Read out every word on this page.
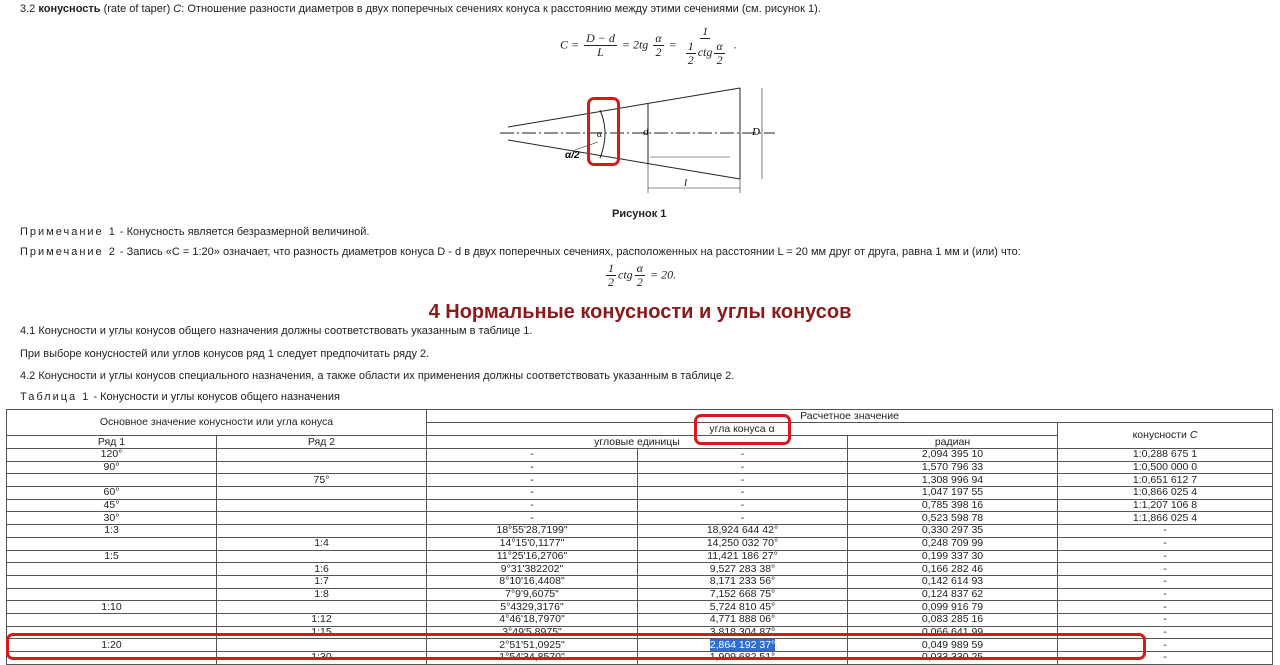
3.2 конусность (rate of taper) C: Отношение разности диаметров в двух поперечных сечениях конуса к расстоянию между этими сечениями (см. рисунок 1).
$C = \frac{D - d}{L} = 2tg \frac{\alpha}{2} = \frac{1}{\frac{1}{2} ctg \frac{\alpha}{2}}$ .
α
α/2
d	D
l
Рисунок 1
Примечание 1 - Конусность является безразмерной величиной.
Примечание 2 - Запись «С = 1:20» означает, что разность диаметров конуса D - d в двух поперечных сечениях, расположенных на расстоянии L = 20 мм друг от друга, равна 1 мм и (или) что:
$\frac{1}{2}$ ctg $\frac{\alpha}{2} = 20$.
4 Нормальные конусности и углы конусов
4.1 Конусности и углы конусов общего назначения должны соответствовать указанным в таблице 1.
При выборе конусностей или углов конусов ряд 1 следует предпочитать ряду 2.
4.2 Конусности и углы конусов специального назначения, а также области их применения должны соответствовать указанным в таблице 2.
Таблица 1 - Конусности и углы конусов общего назначения
Основное значение конусности или угла конуса		Расчетное значение			
		угла конуса α			конусности C
Ряд 1	Ряд 2	угловые единицы		радиан	
120°		-	-	2,094 395 10	1:0,288 675 1
90°		-	-	1,570 796 33	1:0,500 000 0
	75°	-	-	1,308 996 94	1:0,651 612 7
60°		-	-	1,047 197 55	1:0,866 025 4
45°		-	-	0,785 398 16	1:1,207 106 8
30°		-	-	0,523 598 78	1:1,866 025 4
1:3		18°55'28,7199"	18,924 644 42°	0,330 297 35	-
	1:4	14°15'0,1177"	14,250 032 70°	0,248 709 99	-
1:5		11°25'16,2706"	11,421 186 27°	0,199 337 30	-
	1:6	9°31'382202"	9,527 283 38°	0,166 282 46	-
	1:7	8°10'16,4408"	8,171 233 56°	0,142 614 93	-
	1:8	7°9'9,6075"	7,152 668 75°	0,124 837 62	-
1:10		5°4329,3176"	5,724 810 45°	0,099 916 79	-
	1:12	4°46'18,7970"	4,771 888 06°	0,083 285 16	-
	1:15	3°49'5,8975"	3,818 304 87°	0,066 641 99	-
1:20		2°51'51,0925"	2,864 192 37°	0,049 989 59	-
	1:30	1°54'34,8570"	1,909 682 51°	0,033 330 25	-
